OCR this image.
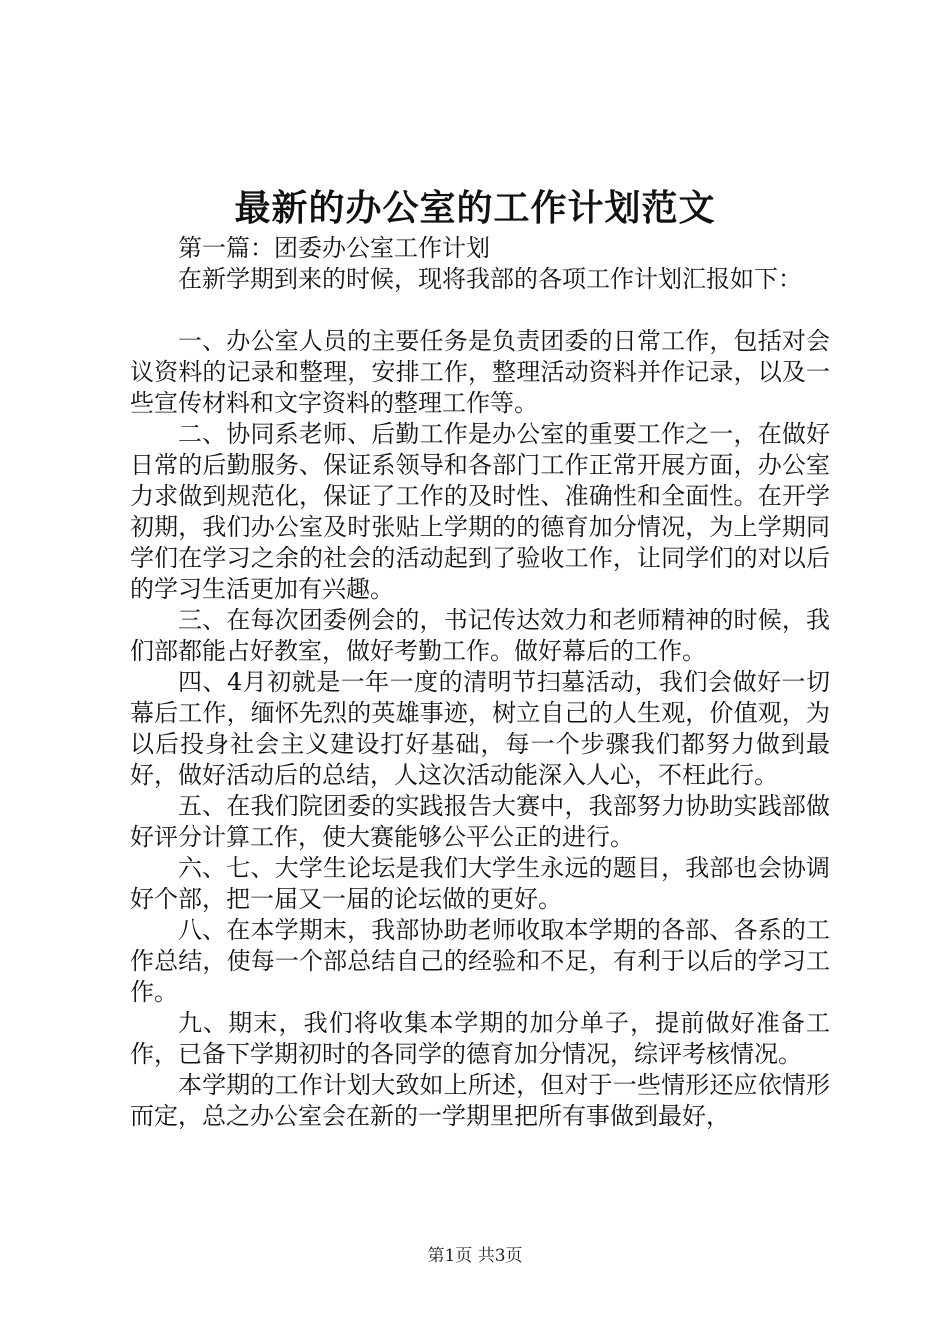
最新的办公室的工作计划范文

第一篇：团委办公室工作计划

在新学期到来的时候，现将我部的各项工作计划汇报如下：

一、办公室人员的主要任务是负责团委的日常工作，包括对会议资料的记录和整理，安排工作，整理活动资料并作记录，以及一些宣传材料和文字资料的整理工作等。

二、协同系老师、后勤工作是办公室的重要工作之一，在做好日常的后勤服务、保证系领导和各部门工作正常开展方面，办公室力求做到规范化，保证了工作的及时性、准确性和全面性。在开学初期，我们办公室及时张贴上学期的的德育加分情况，为上学期同学们在学习之余的社会的活动起到了验收工作，让同学们的对以后的学习生活更加有兴趣。

三、在每次团委例会的，书记传达效力和老师精神的时候，我们部都能占好教室，做好考勤工作。做好幕后的工作。

四、4月初就是一年一度的清明节扫墓活动，我们会做好一切幕后工作，缅怀先烈的英雄事迹，树立自己的人生观，价值观，为以后投身社会主义建设打好基础，每一个步骤我们都努力做到最好，做好活动后的总结，人这次活动能深入人心，不枉此行。

五、在我们院团委的实践报告大赛中，我部努力协助实践部做好评分计算工作，使大赛能够公平公正的进行。

六、七、大学生论坛是我们大学生永远的题目，我部也会协调好个部，把一届又一届的论坛做的更好。

八、在本学期末，我部协助老师收取本学期的各部、各系的工作总结，使每一个部总结自己的经验和不足，有利于以后的学习工作。

九、期末，我们将收集本学期的加分单子，提前做好准备工作，已备下学期初时的各同学的德育加分情况，综评考核情况。

本学期的工作计划大致如上所述，但对于一些情形还应依情形而定，总之办公室会在新的一学期里把所有事做到最好，

第1页 共3页
